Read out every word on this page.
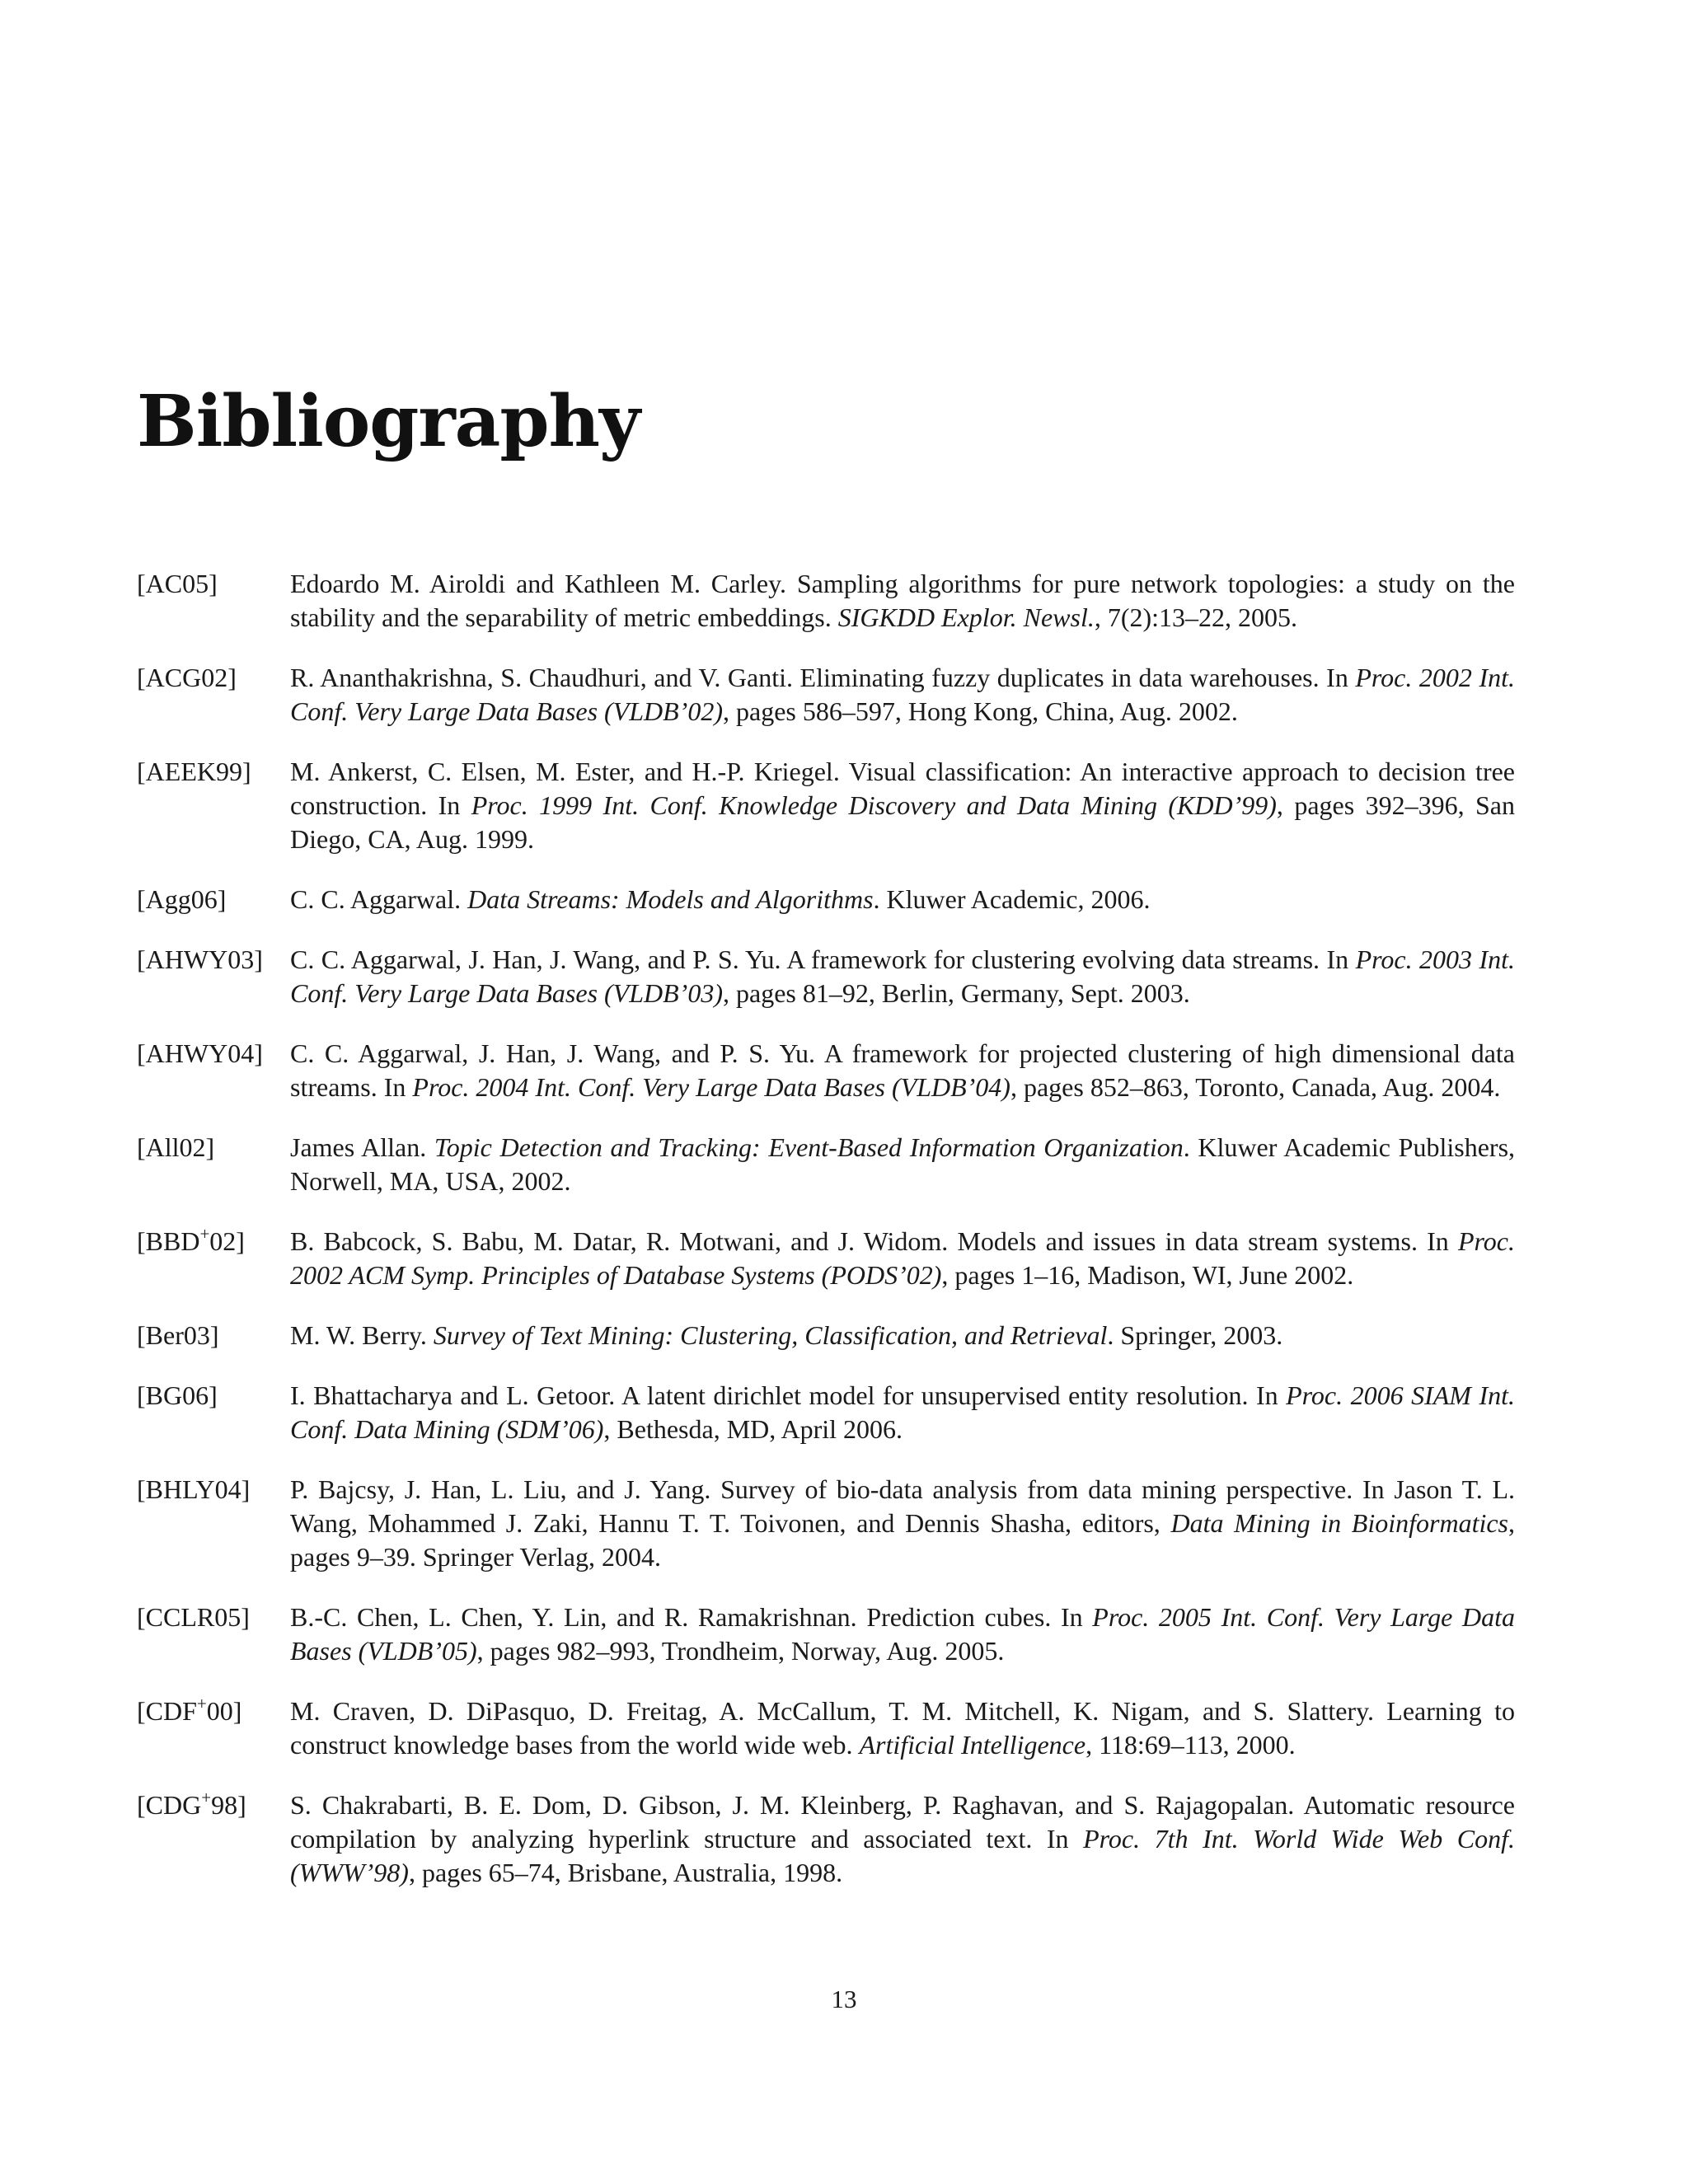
Bibliography
[AC05]	Edoardo M. Airoldi and Kathleen M. Carley. Sampling algorithms for pure network topologies: a study on the stability and the separability of metric embeddings. SIGKDD Explor. Newsl., 7(2):13–22, 2005.
[ACG02]	R. Ananthakrishna, S. Chaudhuri, and V. Ganti. Eliminating fuzzy duplicates in data warehouses. In Proc. 2002 Int. Conf. Very Large Data Bases (VLDB’02), pages 586–597, Hong Kong, China, Aug. 2002.
[AEEK99]	M. Ankerst, C. Elsen, M. Ester, and H.-P. Kriegel. Visual classification: An interactive approach to decision tree construction. In Proc. 1999 Int. Conf. Knowledge Discovery and Data Mining (KDD’99), pages 392–396, San Diego, CA, Aug. 1999.
[Agg06]	C. C. Aggarwal. Data Streams: Models and Algorithms. Kluwer Academic, 2006.
[AHWY03]	C. C. Aggarwal, J. Han, J. Wang, and P. S. Yu. A framework for clustering evolving data streams. In Proc. 2003 Int. Conf. Very Large Data Bases (VLDB’03), pages 81–92, Berlin, Germany, Sept. 2003.
[AHWY04]	C. C. Aggarwal, J. Han, J. Wang, and P. S. Yu. A framework for projected clustering of high dimensional data streams. In Proc. 2004 Int. Conf. Very Large Data Bases (VLDB’04), pages 852–863, Toronto, Canada, Aug. 2004.
[All02]	James Allan. Topic Detection and Tracking: Event-Based Information Organization. Kluwer Academic Publishers, Norwell, MA, USA, 2002.
[BBD+02]	B. Babcock, S. Babu, M. Datar, R. Motwani, and J. Widom. Models and issues in data stream systems. In Proc. 2002 ACM Symp. Principles of Database Systems (PODS’02), pages 1–16, Madison, WI, June 2002.
[Ber03]	M. W. Berry. Survey of Text Mining: Clustering, Classification, and Retrieval. Springer, 2003.
[BG06]	I. Bhattacharya and L. Getoor. A latent dirichlet model for unsupervised entity resolution. In Proc. 2006 SIAM Int. Conf. Data Mining (SDM’06), Bethesda, MD, April 2006.
[BHLY04]	P. Bajcsy, J. Han, L. Liu, and J. Yang. Survey of bio-data analysis from data mining perspective. In Jason T. L. Wang, Mohammed J. Zaki, Hannu T. T. Toivonen, and Dennis Shasha, editors, Data Mining in Bioinformatics, pages 9–39. Springer Verlag, 2004.
[CCLR05]	B.-C. Chen, L. Chen, Y. Lin, and R. Ramakrishnan. Prediction cubes. In Proc. 2005 Int. Conf. Very Large Data Bases (VLDB’05), pages 982–993, Trondheim, Norway, Aug. 2005.
[CDF+00]	M. Craven, D. DiPasquo, D. Freitag, A. McCallum, T. M. Mitchell, K. Nigam, and S. Slattery. Learning to construct knowledge bases from the world wide web. Artificial Intelligence, 118:69–113, 2000.
[CDG+98]	S. Chakrabarti, B. E. Dom, D. Gibson, J. M. Kleinberg, P. Raghavan, and S. Rajagopalan. Automatic resource compilation by analyzing hyperlink structure and associated text. In Proc. 7th Int. World Wide Web Conf. (WWW’98), pages 65–74, Brisbane, Australia, 1998.
13
